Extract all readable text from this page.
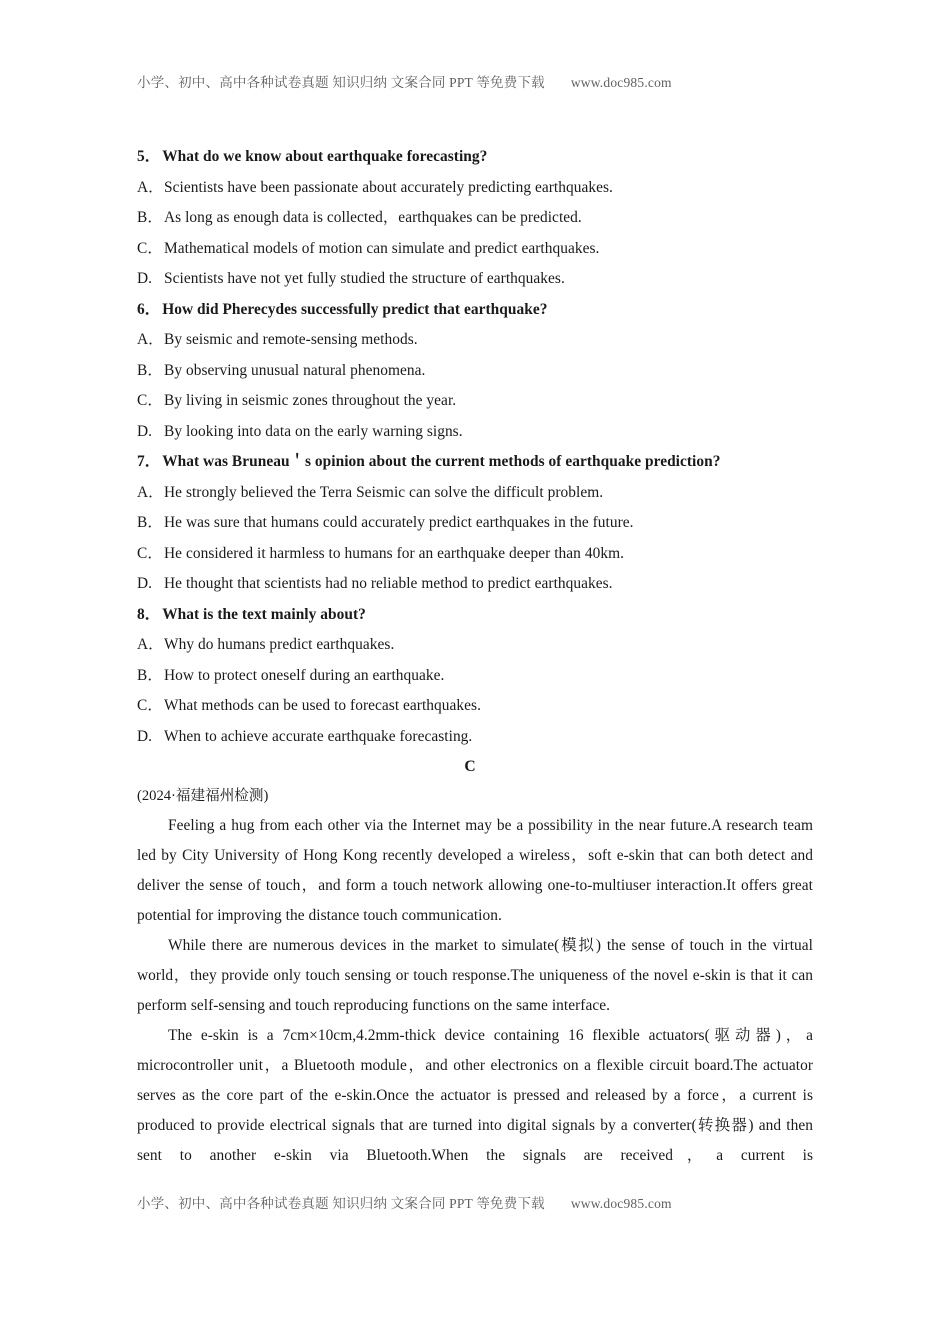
小学、初中、高中各种试卷真题 知识归纳 文案合同 PPT 等免费下载 www.doc985.com
5． What do we know about earthquake forecasting?
A．Scientists have been passionate about accurately predicting earthquakes.
B．As long as enough data is collected，earthquakes can be predicted.
C．Mathematical models of motion can simulate and predict earthquakes.
D. Scientists have not yet fully studied the structure of earthquakes.
6． How did Pherecydes successfully predict that earthquake?
A．By seismic and remote-sensing methods.
B．By observing unusual natural phenomena.
C．By living in seismic zones throughout the year.
D. By looking into data on the early warning signs.
7． What was Bruneau＇s opinion about the current methods of earthquake prediction?
A．He strongly believed the Terra Seismic can solve the difficult problem.
B．He was sure that humans could accurately predict earthquakes in the future.
C．He considered it harmless to humans for an earthquake deeper than 40km.
D. He thought that scientists had no reliable method to predict earthquakes.
8． What is the text mainly about?
A．Why do humans predict earthquakes.
B．How to protect oneself during an earthquake.
C．What methods can be used to forecast earthquakes.
D. When to achieve accurate earthquake forecasting.
C
(2024·福建福州检测)

Feeling a hug from each other via the Internet may be a possibility in the near future.A research team led by City University of Hong Kong recently developed a wireless，soft e-skin that can both detect and deliver the sense of touch，and form a touch network allowing one-to-multiuser interaction.It offers great potential for improving the distance touch communication.

While there are numerous devices in the market to simulate(模拟) the sense of touch in the virtual world，they provide only touch sensing or touch response.The uniqueness of the novel e-skin is that it can perform self-sensing and touch reproducing functions on the same interface.

The e-skin is a 7cm×10cm,4.2mm-thick device containing 16 flexible actuators(驱动器)，a microcontroller unit，a Bluetooth module，and other electronics on a flexible circuit board.The actuator serves as the core part of the e-skin.Once the actuator is pressed and released by a force，a current is produced to provide electrical signals that are turned into digital signals by a converter(转换器) and then sent to another e-skin via Bluetooth.When the signals are received，a current is

小学、初中、高中各种试卷真题 知识归纳 文案合同 PPT 等免费下载 www.doc985.com
